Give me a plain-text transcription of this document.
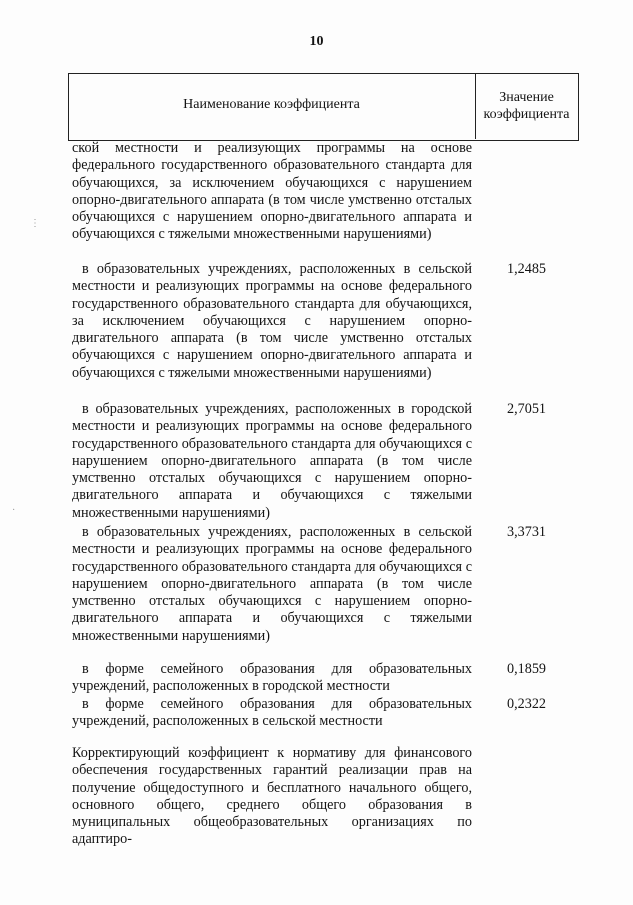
10
Наименование коэффициента	Значение коэффициента
ской местности и реализующих программы на основе федерального государственного образовательного стандарта для обучающихся, за исключением обучающихся с нарушением опорно-двигательного аппарата (в том числе умственно отсталых обучающихся с нарушением опорно-двигательного аппарата и обучающихся с тяжелыми множественными нарушениями)
в образовательных учреждениях, расположенных в сельской местности и реализующих программы на основе федерального государственного образовательного стандарта для обучающихся, за исключением обучающихся с нарушением опорно-двигательного аппарата (в том числе умственно отсталых обучающихся с нарушением опорно-двигательного аппарата и обучающихся с тяжелыми множественными нарушениями)
1,2485
в образовательных учреждениях, расположенных в городской местности и реализующих программы на основе федерального государственного образовательного стандарта для обучающихся с нарушением опорно-двигательного аппарата (в том числе умственно отсталых обучающихся с нарушением опорно-двигательного аппарата и обучающихся с тяжелыми множественными нарушениями)
2,7051
в образовательных учреждениях, расположенных в сельской местности и реализующих программы на основе федерального государственного образовательного стандарта для обучающихся с нарушением опорно-двигательного аппарата (в том числе умственно отсталых обучающихся с нарушением опорно-двигательного аппарата и обучающихся с тяжелыми множественными нарушениями)
3,3731
в форме семейного образования для образовательных учреждений, расположенных в городской местности
0,1859
в форме семейного образования для образовательных учреждений, расположенных в сельской местности
0,2322
Корректирующий коэффициент к нормативу для финансового обеспечения государственных гарантий реализации прав на получение общедоступного и бесплатного начального общего, основного общего, среднего общего образования в муниципальных общеобразовательных организациях по адаптиро-
⋮
·
